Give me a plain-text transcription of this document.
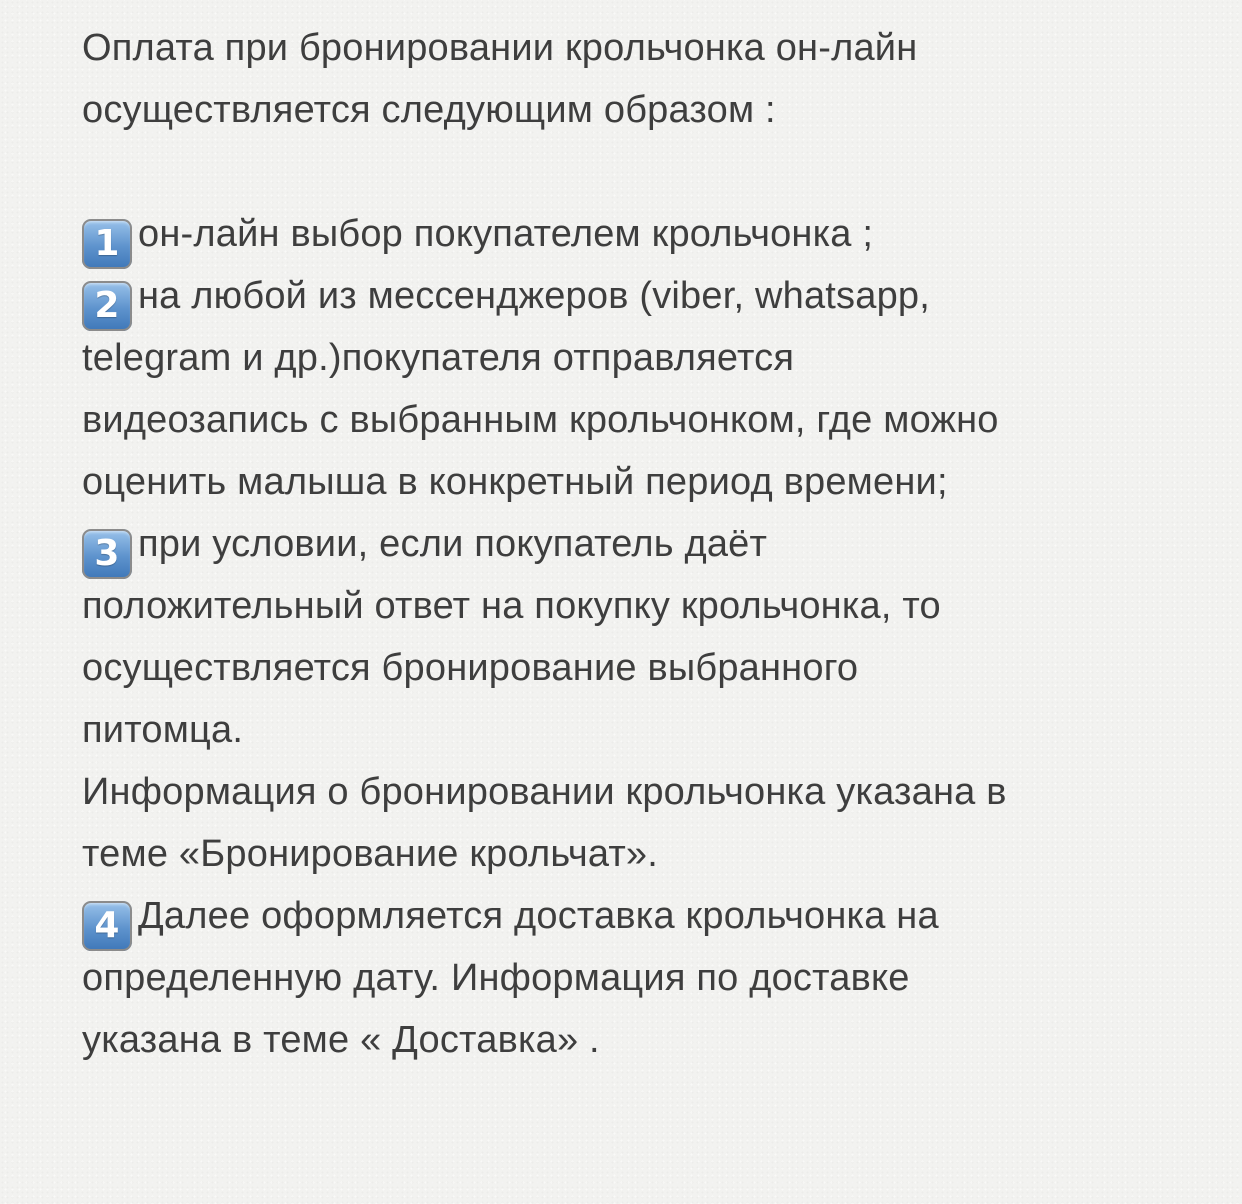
Оплата при бронировании крольчонка он-лайн
осуществляется следующим образом :
1 он-лайн выбор покупателем крольчонка ;
2 на любой из мессенджеров (viber, whatsapp,
telegram и др.)покупателя отправляется
видеозапись с выбранным крольчонком, где можно
оценить малыша в конкретный период времени;
3 при условии, если покупатель даёт
положительный ответ на покупку крольчонка, то
осуществляется бронирование выбранного
питомца.
Информация о бронировании крольчонка указана в
теме «Бронирование крольчат».
4 Далее оформляется доставка крольчонка на
определенную дату. Информация по доставке
указана в теме « Доставка» .
